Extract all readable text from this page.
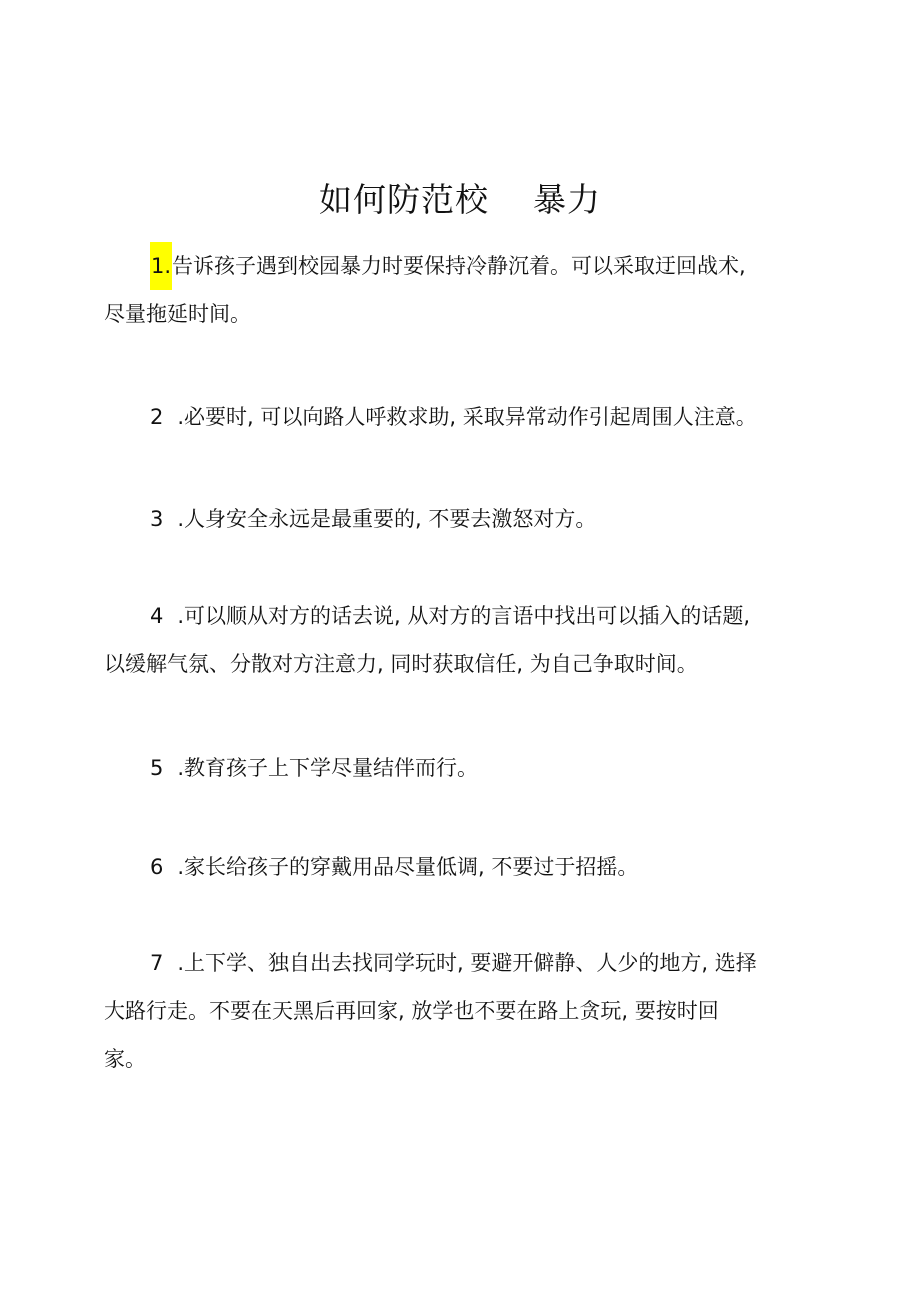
如何防范校 暴力
1.告诉孩子遇到校园暴力时要保持冷静沉着。可以采取迂回战术,
尽量拖延时间。
2 .必要时, 可以向路人呼救求助, 采取异常动作引起周围人注意。
3 .人身安全永远是最重要的, 不要去激怒对方。
4 .可以顺从对方的话去说, 从对方的言语中找出可以插入的话题,
以缓解气氛、分散对方注意力, 同时获取信任, 为自己争取时间。
5 .教育孩子上下学尽量结伴而行。
6 .家长给孩子的穿戴用品尽量低调, 不要过于招摇。
7 .上下学、独自出去找同学玩时, 要避开僻静、人少的地方, 选择
大路行走。不要在天黑后再回家, 放学也不要在路上贪玩, 要按时回
家。
